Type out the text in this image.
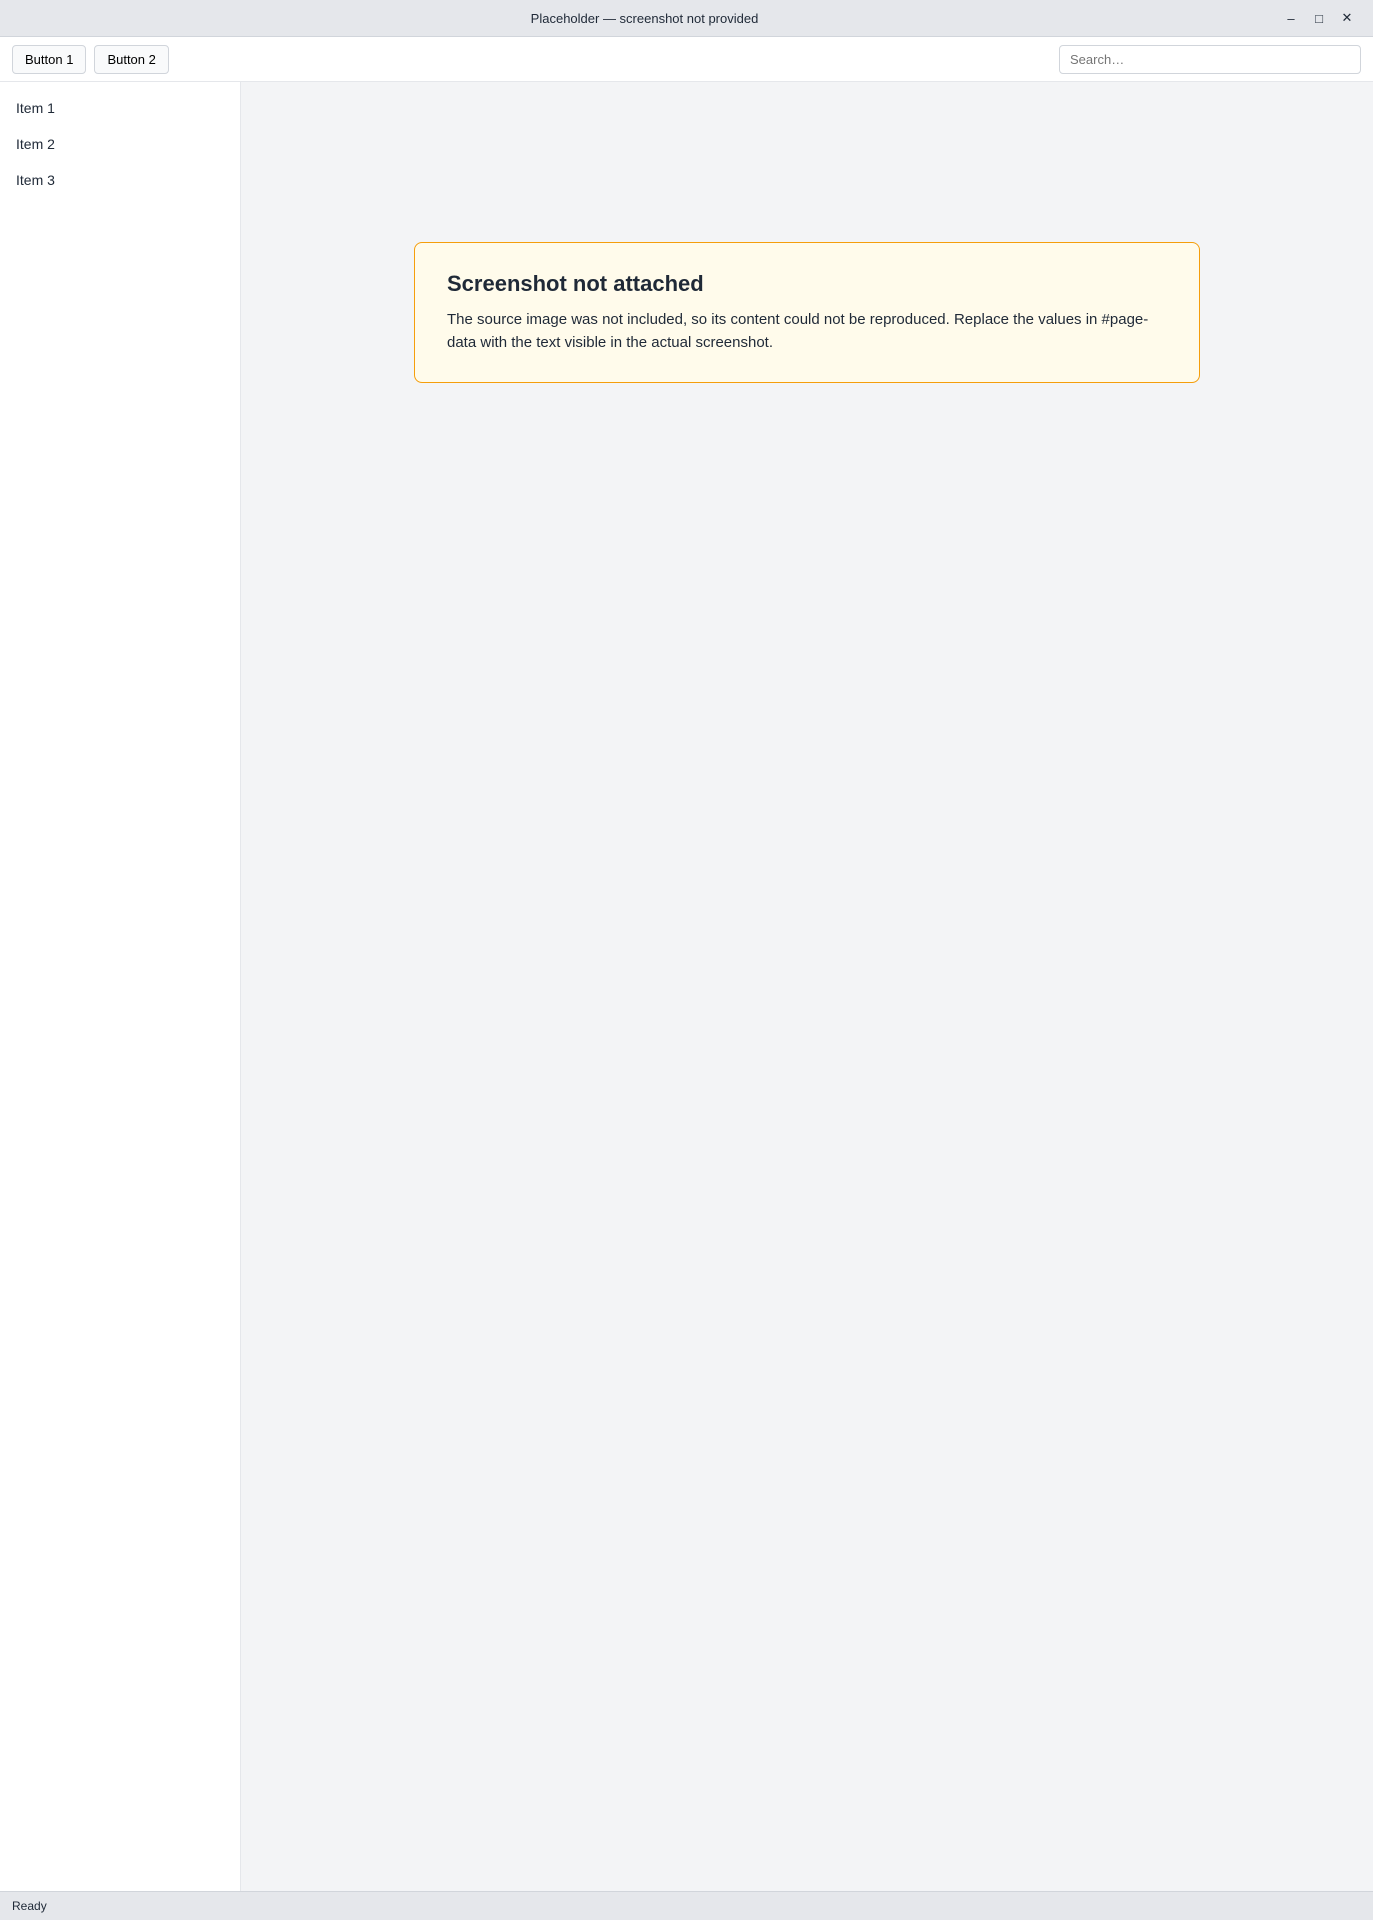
Placeholder — screenshot not provided	–	□	✕
Button 1	Button 2
Search…
Item 1
Item 2
Item 3
Screenshot not attached

The source image was not included, so its content could not be reproduced. Replace the values in #page-data with the text visible in the actual screenshot.

Ready
